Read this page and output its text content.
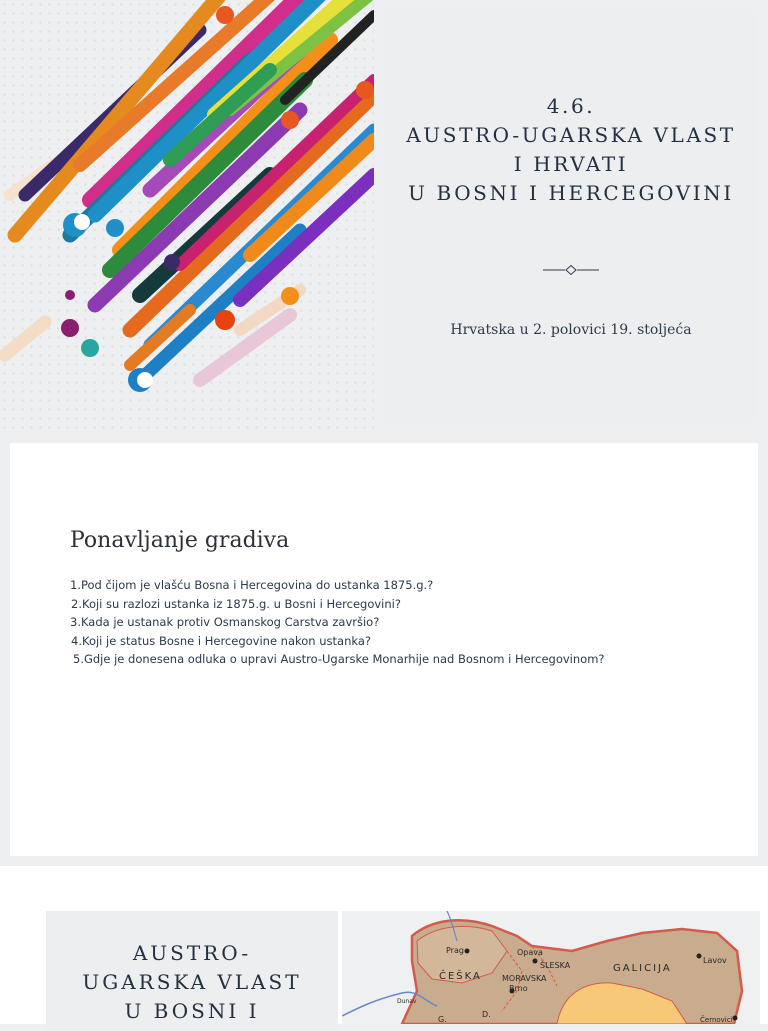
4.6.
AUSTRO-UGARSKA VLAST
I HRVATI
U BOSNI I HERCEGOVINI
Hrvatska u 2. polovici 19. stoljeća
Ponavljanje gradiva
1.Pod čijom je vlašću Bosna i Hercegovina do ustanka 1875.g.?
2.Koji su razlozi ustanka iz 1875.g. u Bosni i Hercegovini?
3.Kada je ustanak protiv Osmanskog Carstva završio?
4.Koji je status Bosne i Hercegovine nakon ustanka?
5.Gdje je donesena odluka o upravi Austro-Ugarske Monarhije nad Bosnom i Hercegovinom?
AUSTRO-
UGARSKA VLAST
U BOSNI I
Prag
ČEŠKA	MORAVSKA
Brno
Opava
ŠLESKA	GALICIJA
Lavov
Dunav
D.
G.	Černovici
